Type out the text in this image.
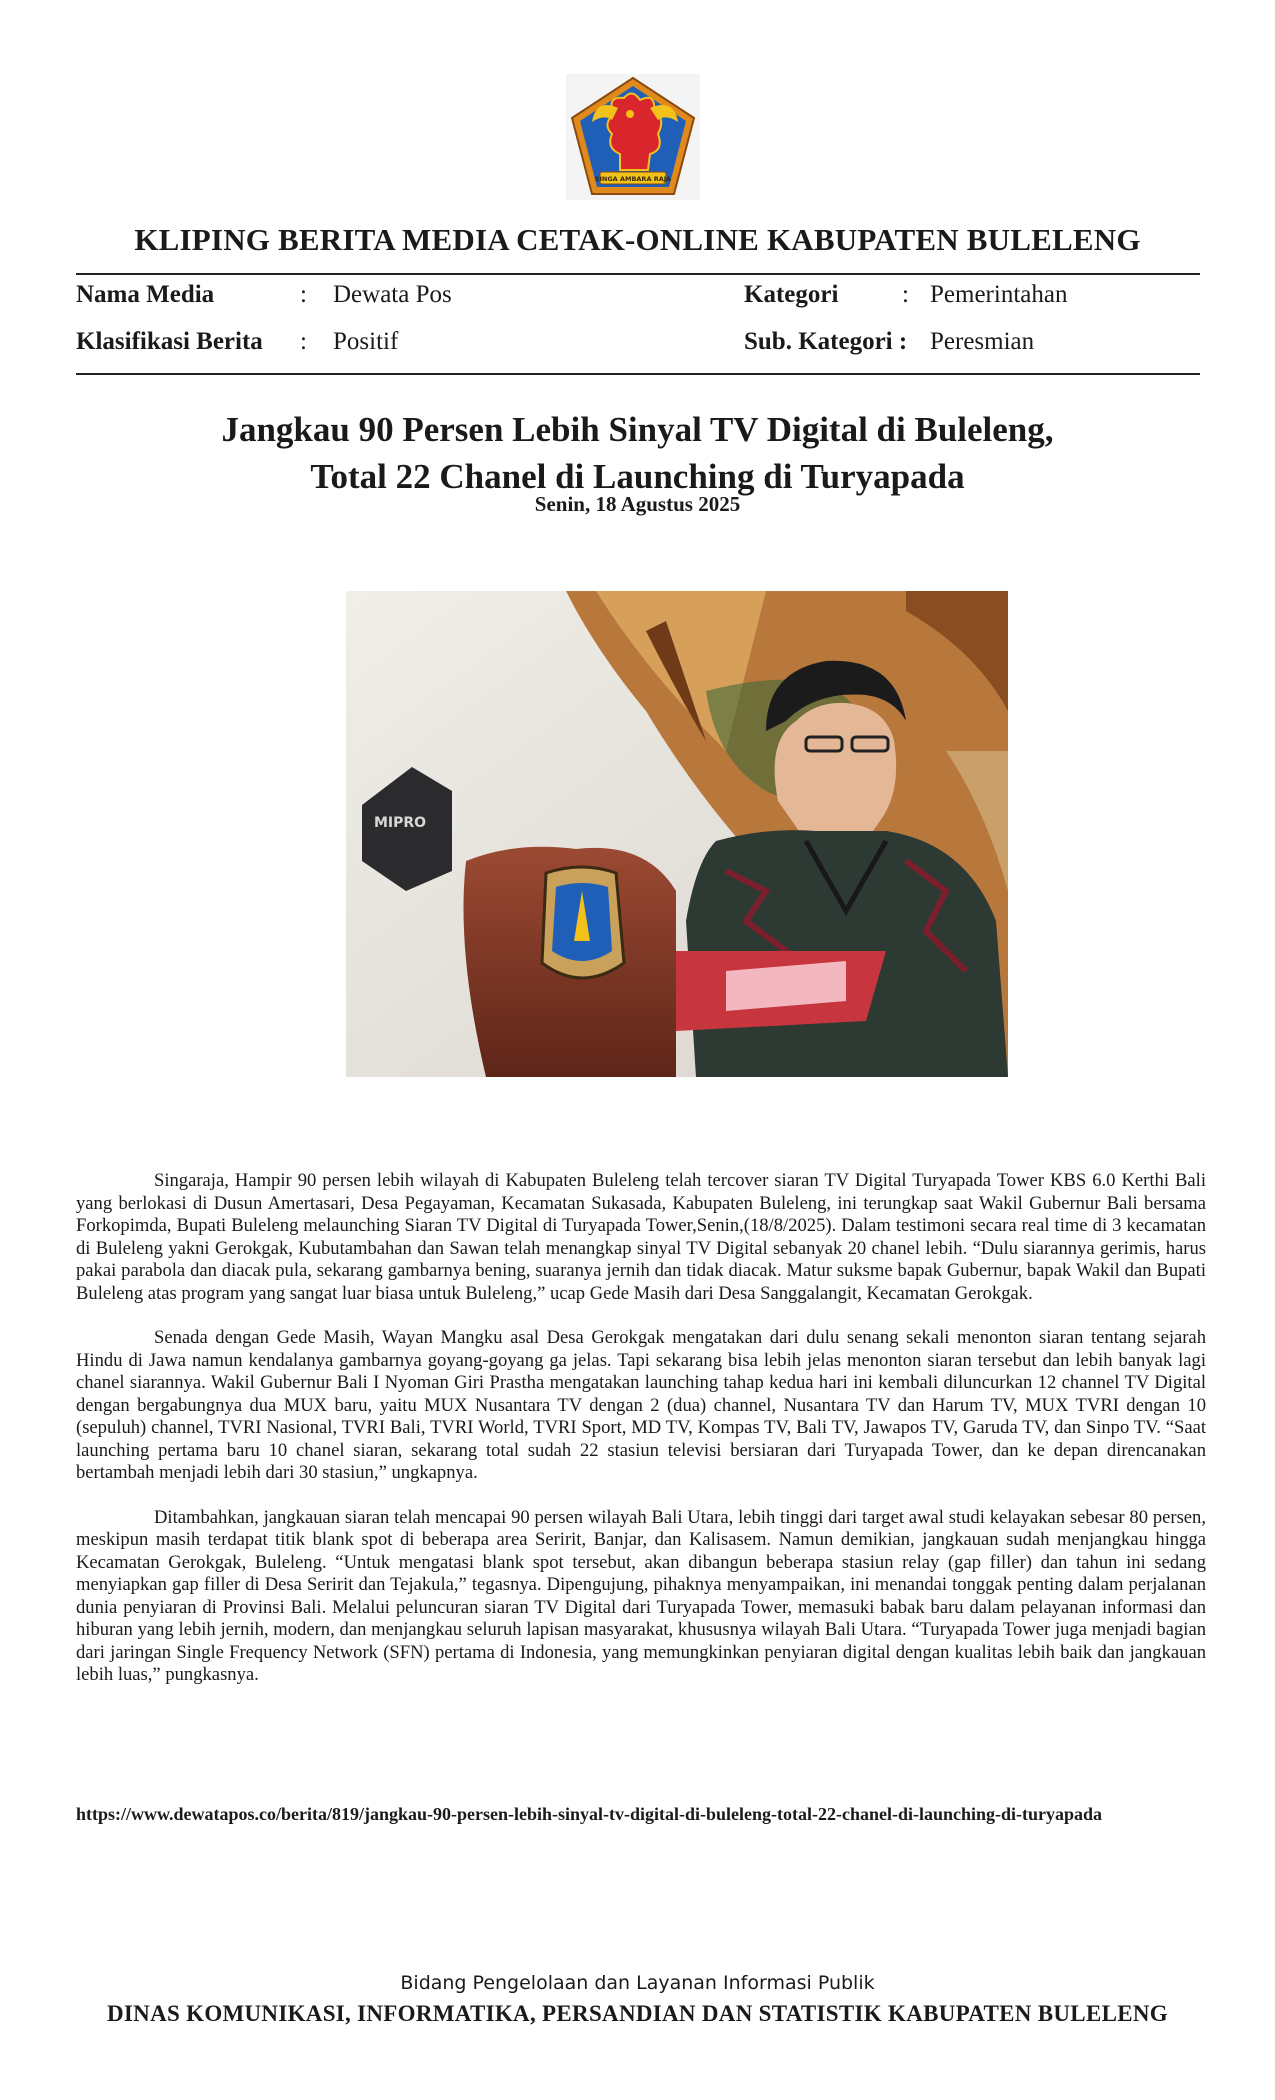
SINGA AMBARA RAJA
KLIPING BERITA MEDIA CETAK-ONLINE KABUPATEN BULELENG
Nama Media	: Dewata Pos	Kategori	: Pemerintahan
Klasifikasi Berita : Positif	Sub. Kategori : Peresmian
Jangkau 90 Persen Lebih Sinyal TV Digital di Buleleng,
Total 22 Chanel di Launching di Turyapada
Senin, 18 Agustus 2025
MIPRO

Singaraja, Hampir 90 persen lebih wilayah di Kabupaten Buleleng telah tercover siaran TV Digital Turyapada Tower KBS 6.0 Kerthi Bali yang berlokasi di Dusun Amertasari, Desa Pegayaman, Kecamatan Sukasada, Kabupaten Buleleng, ini terungkap saat Wakil Gubernur Bali bersama Forkopimda, Bupati Buleleng melaunching Siaran TV Digital di Turyapada Tower,Senin,(18/8/2025). Dalam testimoni secara real time di 3 kecamatan di Buleleng yakni Gerokgak, Kubutambahan dan Sawan telah menangkap sinyal TV Digital sebanyak 20 chanel lebih. “Dulu siarannya gerimis, harus pakai parabola dan diacak pula, sekarang gambarnya bening, suaranya jernih dan tidak diacak. Matur suksme bapak Gubernur, bapak Wakil dan Bupati Buleleng atas program yang sangat luar biasa untuk Buleleng,” ucap Gede Masih dari Desa Sanggalangit, Kecamatan Gerokgak.

Senada dengan Gede Masih, Wayan Mangku asal Desa Gerokgak mengatakan dari dulu senang sekali menonton siaran tentang sejarah Hindu di Jawa namun kendalanya gambarnya goyang-goyang ga jelas. Tapi sekarang bisa lebih jelas menonton siaran tersebut dan lebih banyak lagi chanel siarannya. Wakil Gubernur Bali I Nyoman Giri Prastha mengatakan launching tahap kedua hari ini kembali diluncurkan 12 channel TV Digital dengan bergabungnya dua MUX baru, yaitu MUX Nusantara TV dengan 2 (dua) channel, Nusantara TV dan Harum TV, MUX TVRI dengan 10 (sepuluh) channel, TVRI Nasional, TVRI Bali, TVRI World, TVRI Sport, MD TV, Kompas TV, Bali TV, Jawapos TV, Garuda TV, dan Sinpo TV. “Saat launching pertama baru 10 chanel siaran, sekarang total sudah 22 stasiun televisi bersiaran dari Turyapada Tower, dan ke depan direncanakan bertambah menjadi lebih dari 30 stasiun,” ungkapnya.

Ditambahkan, jangkauan siaran telah mencapai 90 persen wilayah Bali Utara, lebih tinggi dari target awal studi kelayakan sebesar 80 persen, meskipun masih terdapat titik blank spot di beberapa area Seririt, Banjar, dan Kalisasem. Namun demikian, jangkauan sudah menjangkau hingga Kecamatan Gerokgak, Buleleng. “Untuk mengatasi blank spot tersebut, akan dibangun beberapa stasiun relay (gap filler) dan tahun ini sedang menyiapkan gap filler di Desa Seririt dan Tejakula,” tegasnya. Dipengujung, pihaknya menyampaikan, ini menandai tonggak penting dalam perjalanan dunia penyiaran di Provinsi Bali. Melalui peluncuran siaran TV Digital dari Turyapada Tower, memasuki babak baru dalam pelayanan informasi dan hiburan yang lebih jernih, modern, dan menjangkau seluruh lapisan masyarakat, khususnya wilayah Bali Utara. “Turyapada Tower juga menjadi bagian dari jaringan Single Frequency Network (SFN) pertama di Indonesia, yang memungkinkan penyiaran digital dengan kualitas lebih baik dan jangkauan lebih luas,” pungkasnya.

https://www.dewatapos.co/berita/819/jangkau-90-persen-lebih-sinyal-tv-digital-di-buleleng-total-22-chanel-di-launching-di-turyapada
Bidang Pengelolaan dan Layanan Informasi Publik
DINAS KOMUNIKASI, INFORMATIKA, PERSANDIAN DAN STATISTIK KABUPATEN BULELENG
